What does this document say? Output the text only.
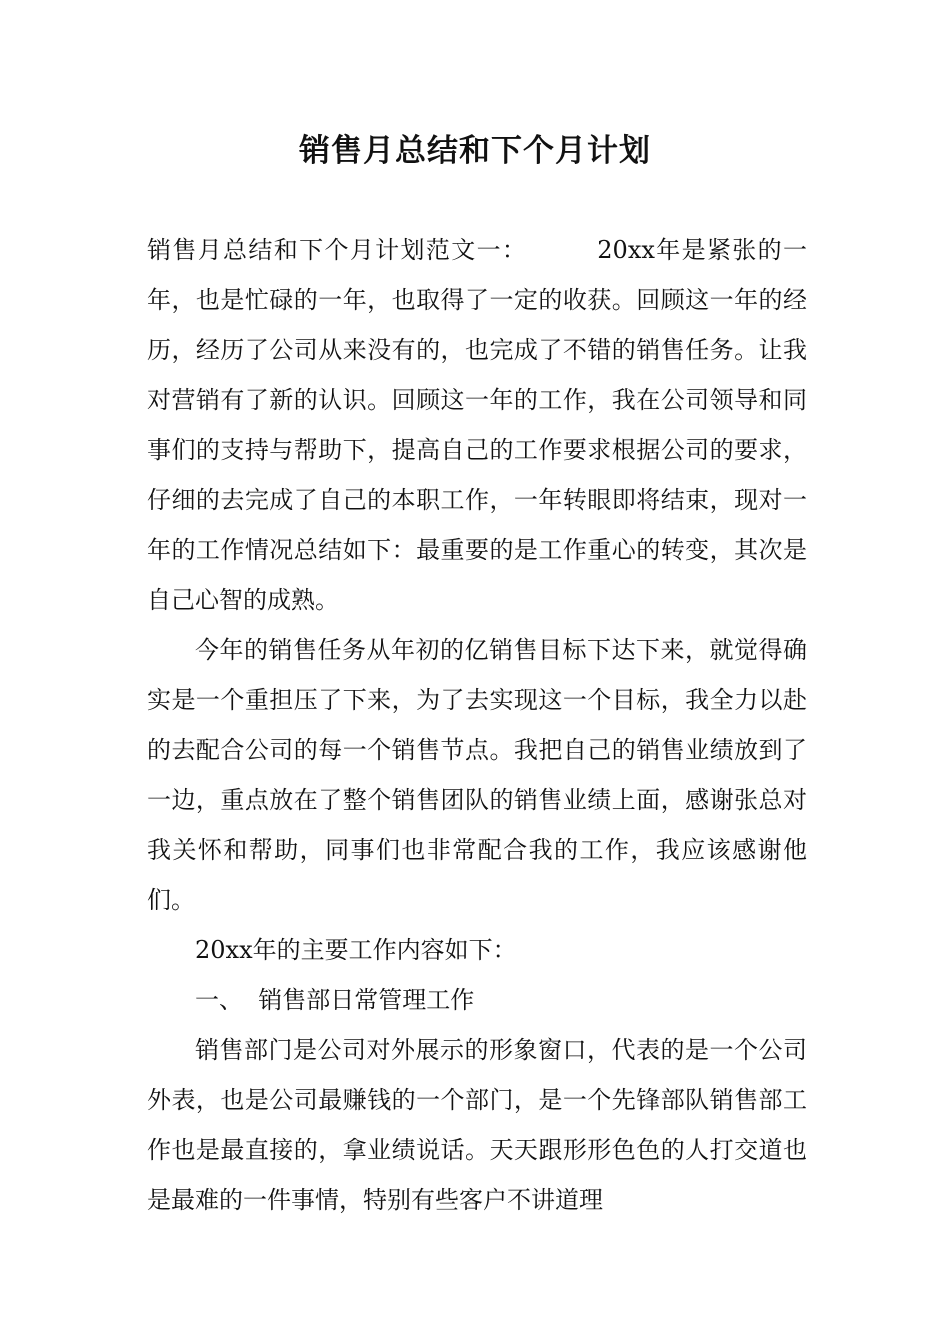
销售月总结和下个月计划

销售月总结和下个月计划范文一：	20xx年是紧张的一年，也是忙碌的一年，也取得了一定的收获。回顾这一年的经历，经历了公司从来没有的，也完成了不错的销售任务。让我对营销有了新的认识。回顾这一年的工作，我在公司领导和同事们的支持与帮助下，提高自己的工作要求根据公司的要求，仔细的去完成了自己的本职工作，一年转眼即将结束，现对一年的工作情况总结如下：最重要的是工作重心的转变，其次是自己心智的成熟。

今年的销售任务从年初的亿销售目标下达下来，就觉得确实是一个重担压了下来，为了去实现这一个目标，我全力以赴的去配合公司的每一个销售节点。我把自己的销售业绩放到了一边，重点放在了整个销售团队的销售业绩上面，感谢张总对我关怀和帮助，同事们也非常配合我的工作，我应该感谢他们。

20xx年的主要工作内容如下：

一、  销售部日常管理工作

销售部门是公司对外展示的形象窗口，代表的是一个公司外表，也是公司最赚钱的一个部门，是一个先锋部队销售部工作也是最直接的，拿业绩说话。天天跟形形色色的人打交道也是最难的一件事情，特别有些客户不讲道理
